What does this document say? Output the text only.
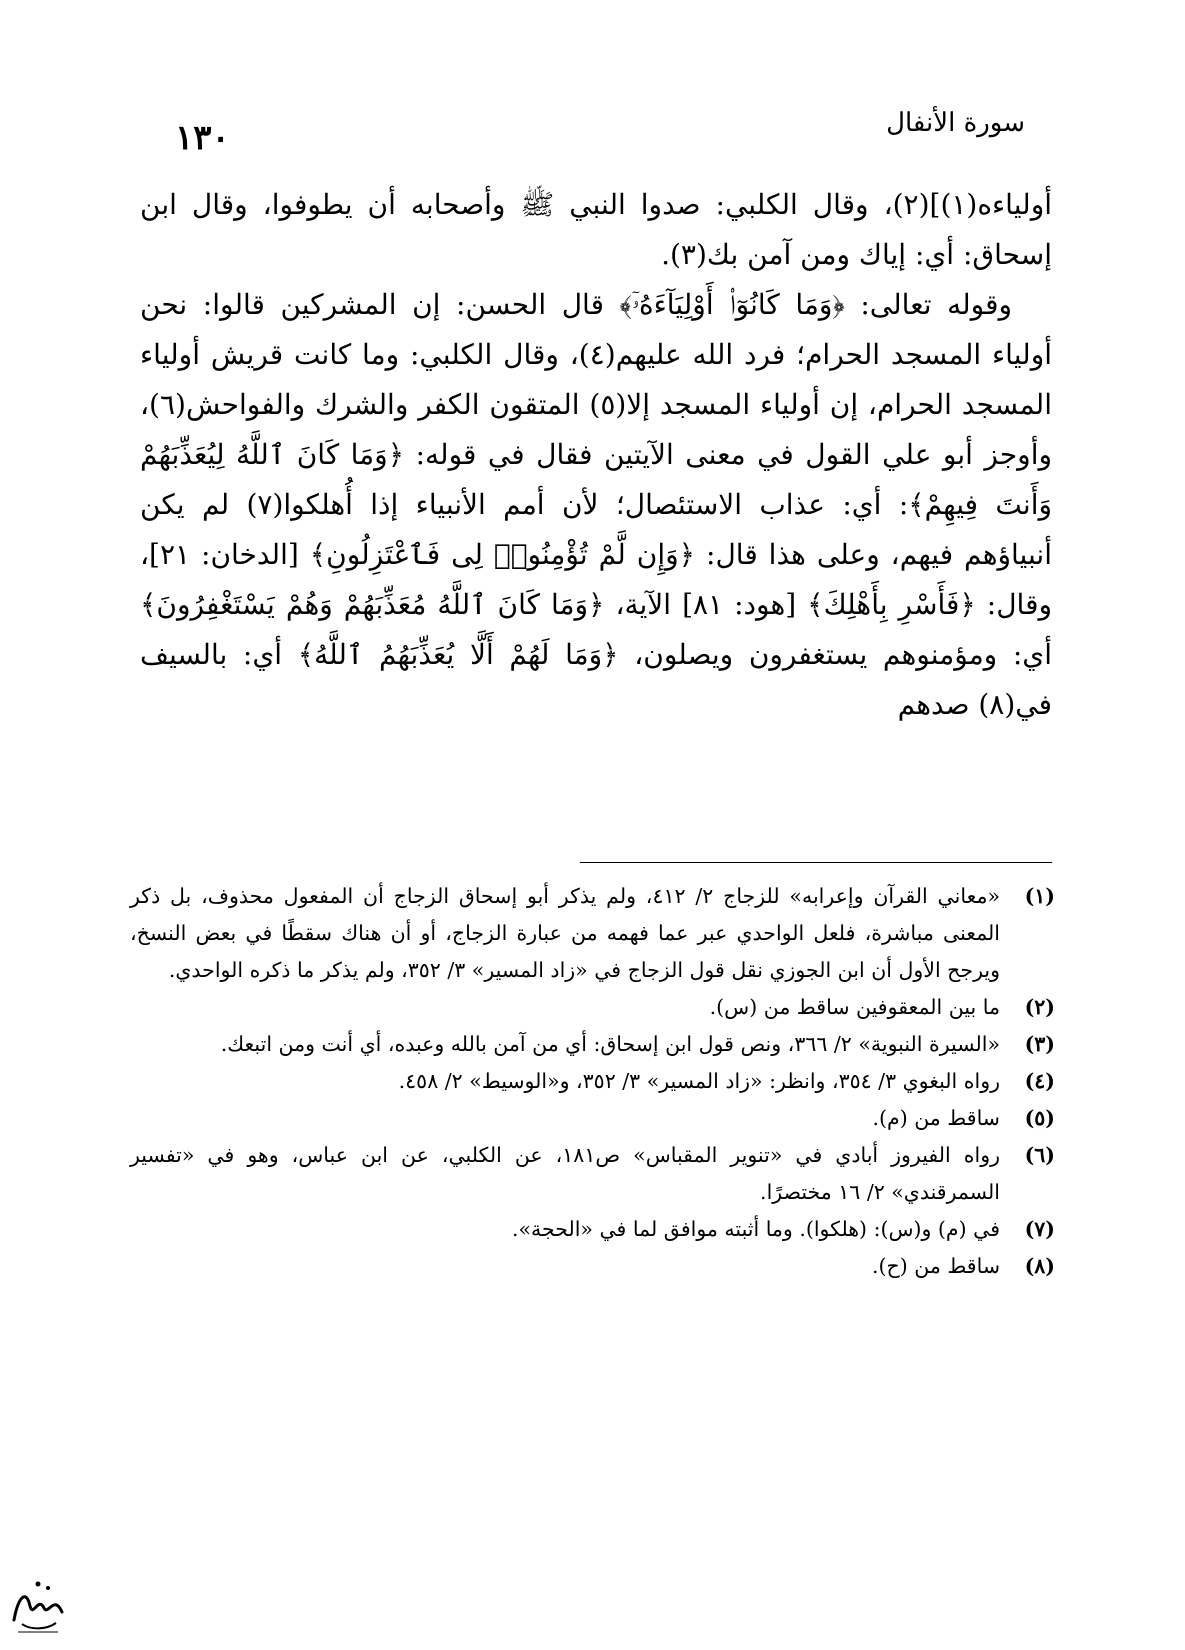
١٣٠	سورة الأنفال

أولياءه(١)](٢)، وقال الكلبي: صدوا النبي ﷺ وأصحابه أن يطوفوا، وقال ابن إسحاق: أي: إياك ومن آمن بك(٣).

وقوله تعالى: ﴿وَمَا كَانُوٓا۟ أَوْلِيَآءَهُۥٓ﴾ قال الحسن: إن المشركين قالوا: نحن أولياء المسجد الحرام؛ فرد الله عليهم(٤)، وقال الكلبي: وما كانت قريش أولياء المسجد الحرام، إن أولياء المسجد إلا(٥) المتقون الكفر والشرك والفواحش(٦)، وأوجز أبو علي القول في معنى الآيتين فقال في قوله: ﴿وَمَا كَانَ ٱللَّهُ لِيُعَذِّبَهُمْ وَأَنتَ فِيهِمْ﴾: أي: عذاب الاستئصال؛ لأن أمم الأنبياء إذا أُهلكوا(٧) لم يكن أنبياؤهم فيهم، وعلى هذا قال: ﴿وَإِن لَّمْ تُؤْمِنُوا۟ لِى فَٱعْتَزِلُونِ﴾ [الدخان: ٢١]، وقال: ﴿فَأَسْرِ بِأَهْلِكَ﴾ [هود: ٨١] الآية، ﴿وَمَا كَانَ ٱللَّهُ مُعَذِّبَهُمْ وَهُمْ يَسْتَغْفِرُونَ﴾ أي: ومؤمنوهم يستغفرون ويصلون، ﴿وَمَا لَهُمْ أَلَّا يُعَذِّبَهُمُ ٱللَّهُ﴾ أي: بالسيف في(٨) صدهم

(١)
«معاني القرآن وإعرابه» للزجاج ٢/ ٤١٢، ولم يذكر أبو إسحاق الزجاج أن المفعول محذوف، بل ذكر المعنى مباشرة، فلعل الواحدي عبر عما فهمه من عبارة الزجاج، أو أن هناك سقطًا في بعض النسخ، ويرجح الأول أن ابن الجوزي نقل قول الزجاج في «زاد المسير» ٣/ ٣٥٢، ولم يذكر ما ذكره الواحدي.
(٢)
ما بين المعقوفين ساقط من (س).
(٣)
«السيرة النبوية» ٢/ ٣٦٦، ونص قول ابن إسحاق: أي من آمن بالله وعبده، أي أنت ومن اتبعك.
(٤)
رواه البغوي ٣/ ٣٥٤، وانظر: «زاد المسير» ٣/ ٣٥٢، و«الوسيط» ٢/ ٤٥٨.
(٥)
ساقط من (م).
(٦)
رواه الفيروز أبادي في «تنوير المقباس» ص١٨١، عن الكلبي، عن ابن عباس، وهو في «تفسير السمرقندي» ٢/ ١٦ مختصرًا.
(٧)
في (م) و(س): (هلكوا). وما أثبته موافق لما في «الحجة».
(٨)
ساقط من (ح).
